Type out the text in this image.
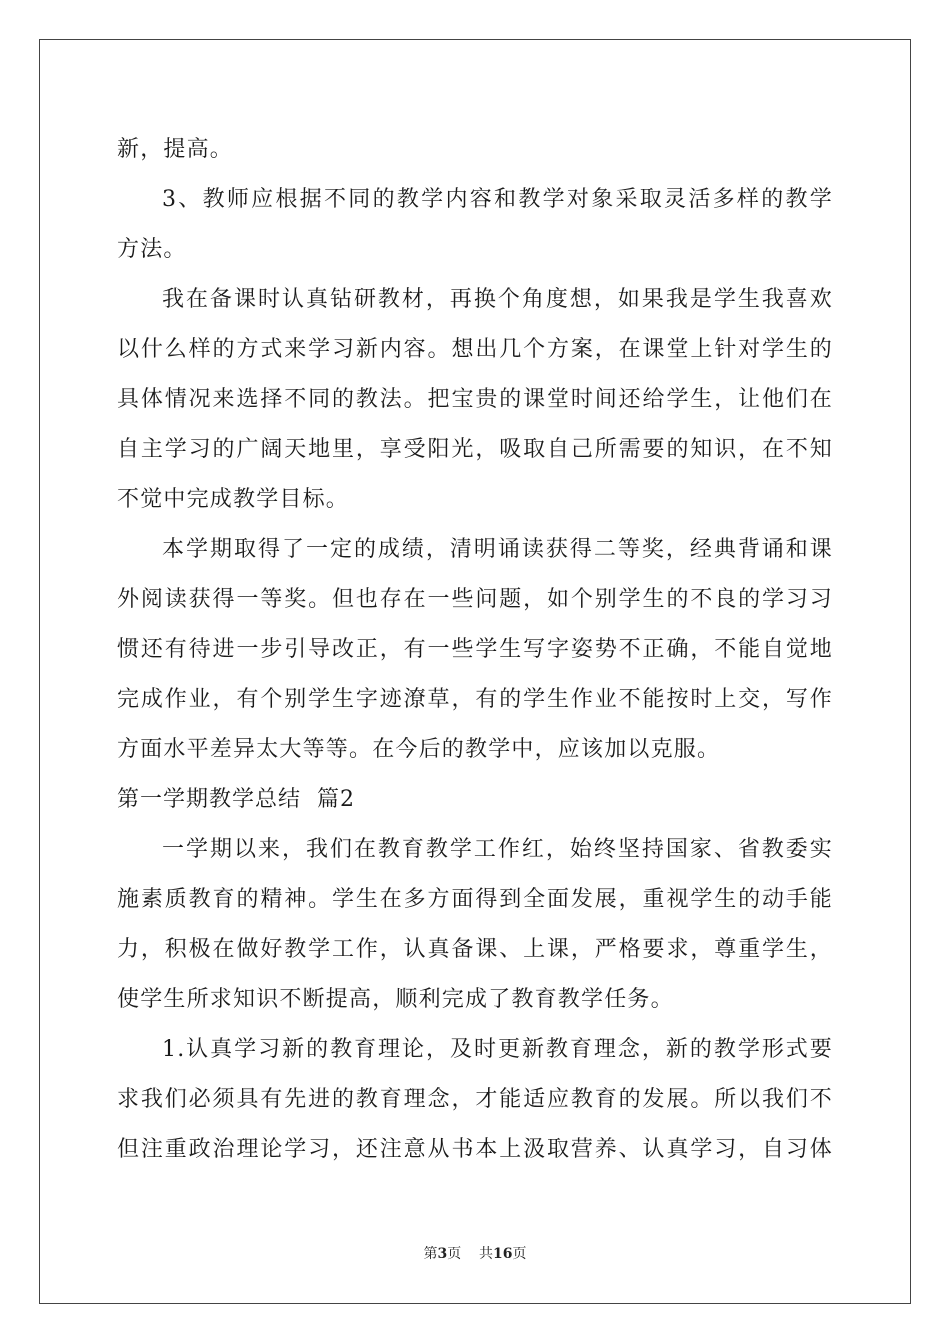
新，提高。
3、教师应根据不同的教学内容和教学对象采取灵活多样的教学
方法。
我在备课时认真钻研教材，再换个角度想，如果我是学生我喜欢
以什么样的方式来学习新内容。想出几个方案，在课堂上针对学生的
具体情况来选择不同的教法。把宝贵的课堂时间还给学生，让他们在
自主学习的广阔天地里，享受阳光，吸取自己所需要的知识，在不知
不觉中完成教学目标。
本学期取得了一定的成绩，清明诵读获得二等奖，经典背诵和课
外阅读获得一等奖。但也存在一些问题，如个别学生的不良的学习习
惯还有待进一步引导改正，有一些学生写字姿势不正确，不能自觉地
完成作业，有个别学生字迹潦草，有的学生作业不能按时上交，写作
方面水平差异太大等等。在今后的教学中，应该加以克服。
第一学期教学总结  篇2
一学期以来，我们在教育教学工作红，始终坚持国家、省教委实
施素质教育的精神。学生在多方面得到全面发展，重视学生的动手能
力，积极在做好教学工作，认真备课、上课，严格要求，尊重学生，
使学生所求知识不断提高，顺利完成了教育教学任务。
1.认真学习新的教育理论，及时更新教育理念，新的教学形式要
求我们必须具有先进的教育理念，才能适应教育的发展。所以我们不
但注重政治理论学习，还注意从书本上汲取营养、认真学习，自习体
第3页 共16页
